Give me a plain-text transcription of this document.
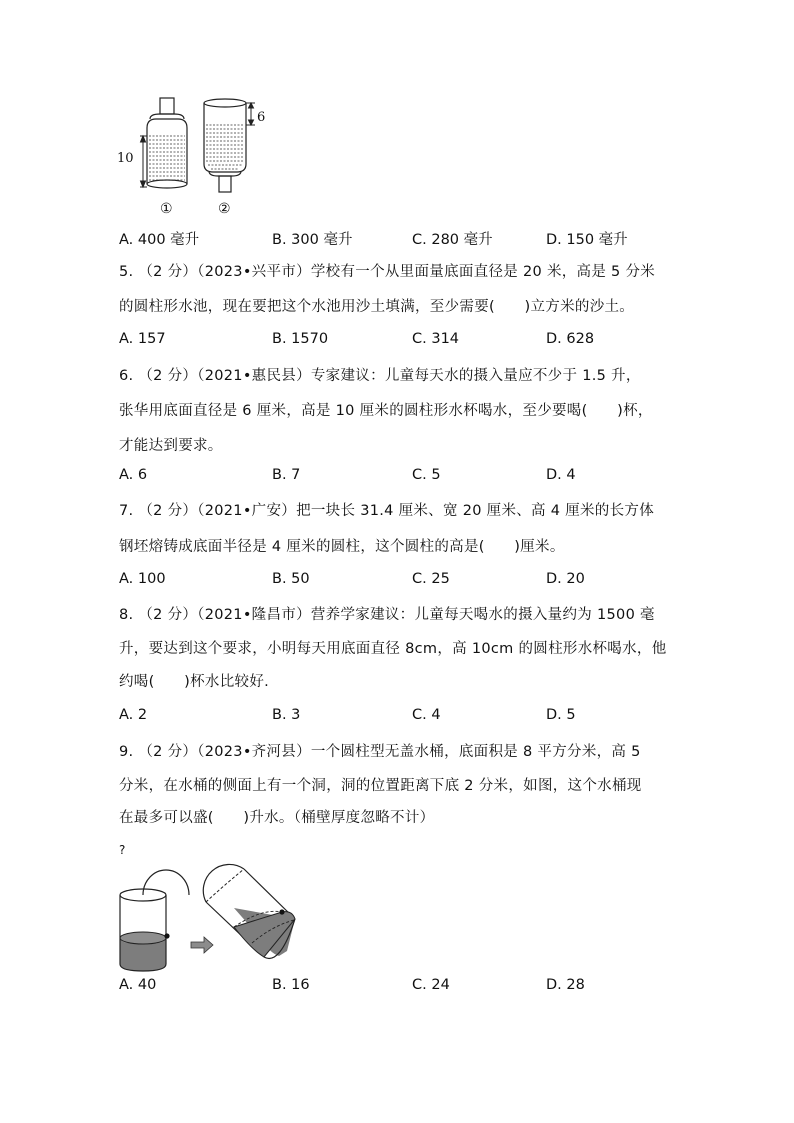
10
6
①	②
A. 400 毫升	B. 300 毫升	C. 280 毫升	D. 150 毫升
5. （2 分）（2023•兴平市）学校有一个从里面量底面直径是 20 米，高是 5 分米
的圆柱形水池，现在要把这个水池用沙土填满，至少需要(　　)立方米的沙土。
A. 157	B. 1570	C. 314	D. 628
6. （2 分）（2021•惠民县）专家建议：儿童每天水的摄入量应不少于 1.5 升，
张华用底面直径是 6 厘米，高是 10 厘米的圆柱形水杯喝水，至少要喝(　　)杯，
才能达到要求。
A. 6	B. 7	C. 5	D. 4
7. （2 分）（2021•广安）把一块长 31.4 厘米、宽 20 厘米、高 4 厘米的长方体
钢坯熔铸成底面半径是 4 厘米的圆柱，这个圆柱的高是(　　)厘米。
A. 100	B. 50	C. 25	D. 20
8. （2 分）（2021•隆昌市）营养学家建议：儿童每天喝水的摄入量约为 1500 毫
升，要达到这个要求，小明每天用底面直径 8cm，高 10cm 的圆柱形水杯喝水，他
约喝(　　)杯水比较好.
A. 2	B. 3	C. 4	D. 5
9. （2 分）（2023•齐河县）一个圆柱型无盖水桶，底面积是 8 平方分米，高 5
分米，在水桶的侧面上有一个洞，洞的位置距离下底 2 分米，如图，这个水桶现
在最多可以盛(　　)升水。（桶壁厚度忽略不计）
?
A. 40	B. 16	C. 24	D. 28
